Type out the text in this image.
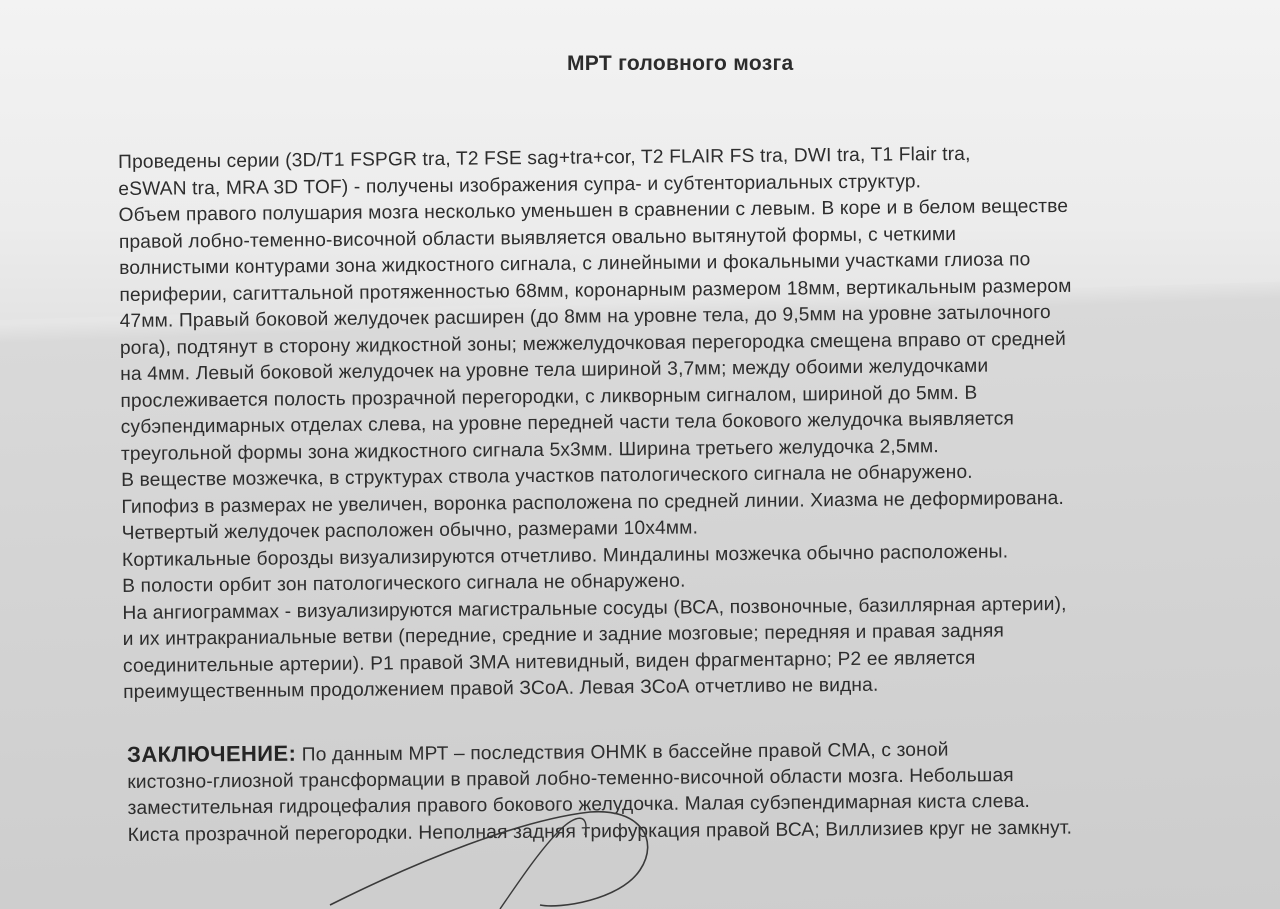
МРТ головного мозга
Проведены серии (3D/T1 FSPGR tra, T2 FSE sag+tra+cor, T2 FLAIR FS tra, DWI tra, T1 Flair tra,
eSWAN tra, MRA 3D TOF) - получены изображения супра- и субтенториальных структур.
Объем правого полушария мозга несколько уменьшен в сравнении с левым. В коре и в белом веществе
правой лобно-теменно-височной области выявляется овально вытянутой формы, с четкими
волнистыми контурами зона жидкостного сигнала, с линейными и фокальными участками глиоза по
периферии, сагиттальной протяженностью 68мм, коронарным размером 18мм, вертикальным размером
47мм. Правый боковой желудочек расширен (до 8мм на уровне тела, до 9,5мм на уровне затылочного
рога), подтянут в сторону жидкостной зоны; межжелудочковая перегородка смещена вправо от средней
на 4мм. Левый боковой желудочек на уровне тела шириной 3,7мм; между обоими желудочками
прослеживается полость прозрачной перегородки, с ликворным сигналом, шириной до 5мм. В
субэпендимарных отделах слева, на уровне передней части тела бокового желудочка выявляется
треугольной формы зона жидкостного сигнала 5х3мм. Ширина третьего желудочка 2,5мм.
В веществе мозжечка, в структурах ствола участков патологического сигнала не обнаружено.
Гипофиз в размерах не увеличен, воронка расположена по средней линии. Хиазма не деформирована.
Четвертый желудочек расположен обычно, размерами 10х4мм.
Кортикальные борозды визуализируются отчетливо. Миндалины мозжечка обычно расположены.
В полости орбит зон патологического сигнала не обнаружено.
На ангиограммах - визуализируются магистральные сосуды (ВСА, позвоночные, базиллярная артерии),
и их интракраниальные ветви (передние, средние и задние мозговые; передняя и правая задняя
соединительные артерии). Р1 правой ЗМА нитевидный, виден фрагментарно; Р2 ее является
преимущественным продолжением правой ЗСоА. Левая ЗСоА отчетливо не видна.
ЗАКЛЮЧЕНИЕ: По данным МРТ – последствия ОНМК в бассейне правой СМА, с зоной
кистозно-глиозной трансформации в правой лобно-теменно-височной области мозга. Небольшая
заместительная гидроцефалия правого бокового желудочка. Малая субэпендимарная киста слева.
Киста прозрачной перегородки. Неполная задняя трифуркация правой ВСА; Виллизиев круг не замкнут.
